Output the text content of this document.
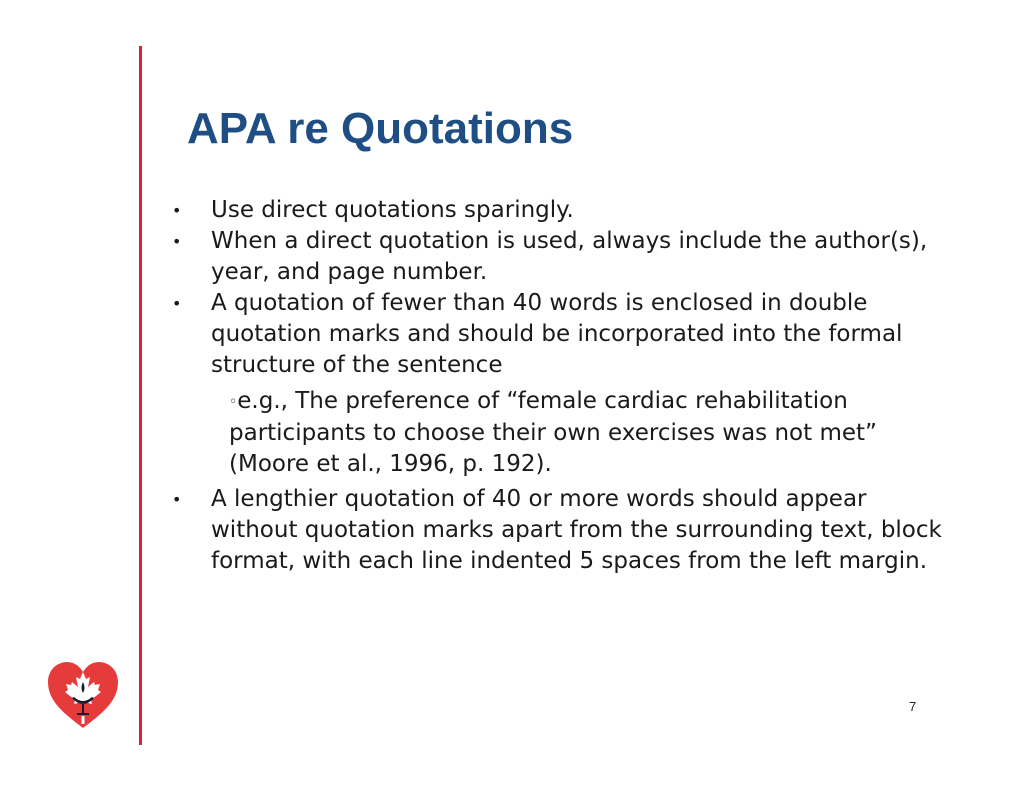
APA re Quotations
• Use direct quotations sparingly.
• When a direct quotation is used, always include the author(s), year, and page number.
• A quotation of fewer than 40 words is enclosed in double quotation marks and should be incorporated into the formal structure of the sentence
◦e.g., The preference of “female cardiac rehabilitation participants to choose their own exercises was not met” (Moore et al., 1996, p. 192).
• A lengthier quotation of 40 or more words should appear without quotation marks apart from the surrounding text, block format, with each line indented 5 spaces from the left margin.
7
